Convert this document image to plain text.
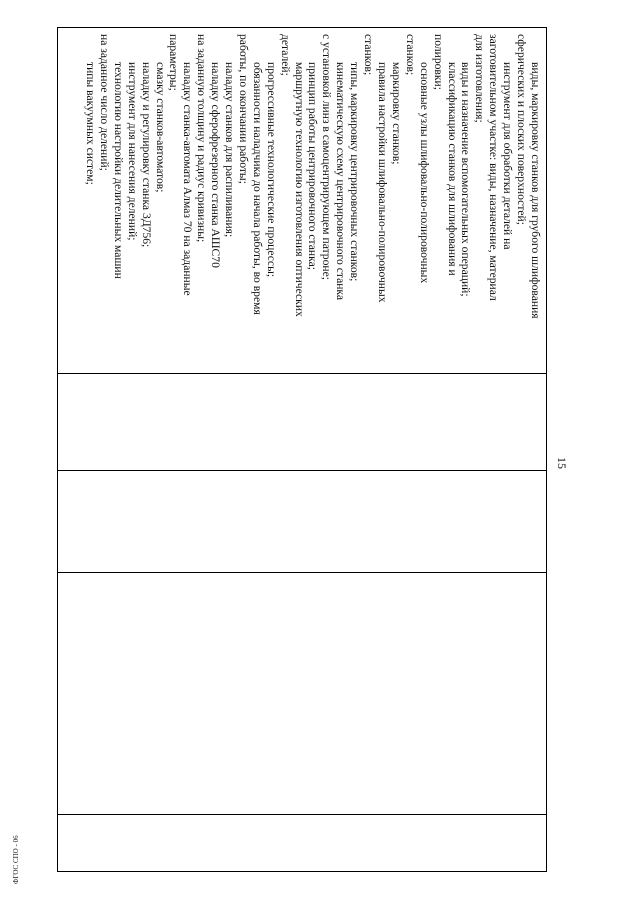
15
виды, маркировку станков для грубого шлифования
сферических и плоских поверхностей;
инструмент для обработки деталей на
заготовительном участке: виды, назначение, материал
для изготовления;
виды и назначение вспомогательных операций;
классификацию станков для шлифования и
полировки;
основные узлы шлифовально-полировочных
станков;
маркировку станков;
правила настройки шлифовально-полировочных
станков;
типы, маркировку центрировочных станков;
кинематическую схему центрировочного станка
с установкой линз в самоцентрирующем патроне;
принцип работы центрировочного станка;
маршрутную технологию изготовления оптических
деталей;
прогрессивные технологические процессы;
обязанности наладчика до начала работы, во время
работы, по окончании работы;
наладку станков для распиливания;
наладку сферофрезерного станка АШС70
на заданную толщину и радиус кривизны;
наладку станка-автомата Алмаз 70 на заданные
параметры;
смазку станков-автоматов;
наладку и регулировку станка 3Д756;
инструмент для нанесения делений;
технологию настройки делительных машин
на заданное число делений;
типы вакуумных систем;
ФГОС СПО - 06
